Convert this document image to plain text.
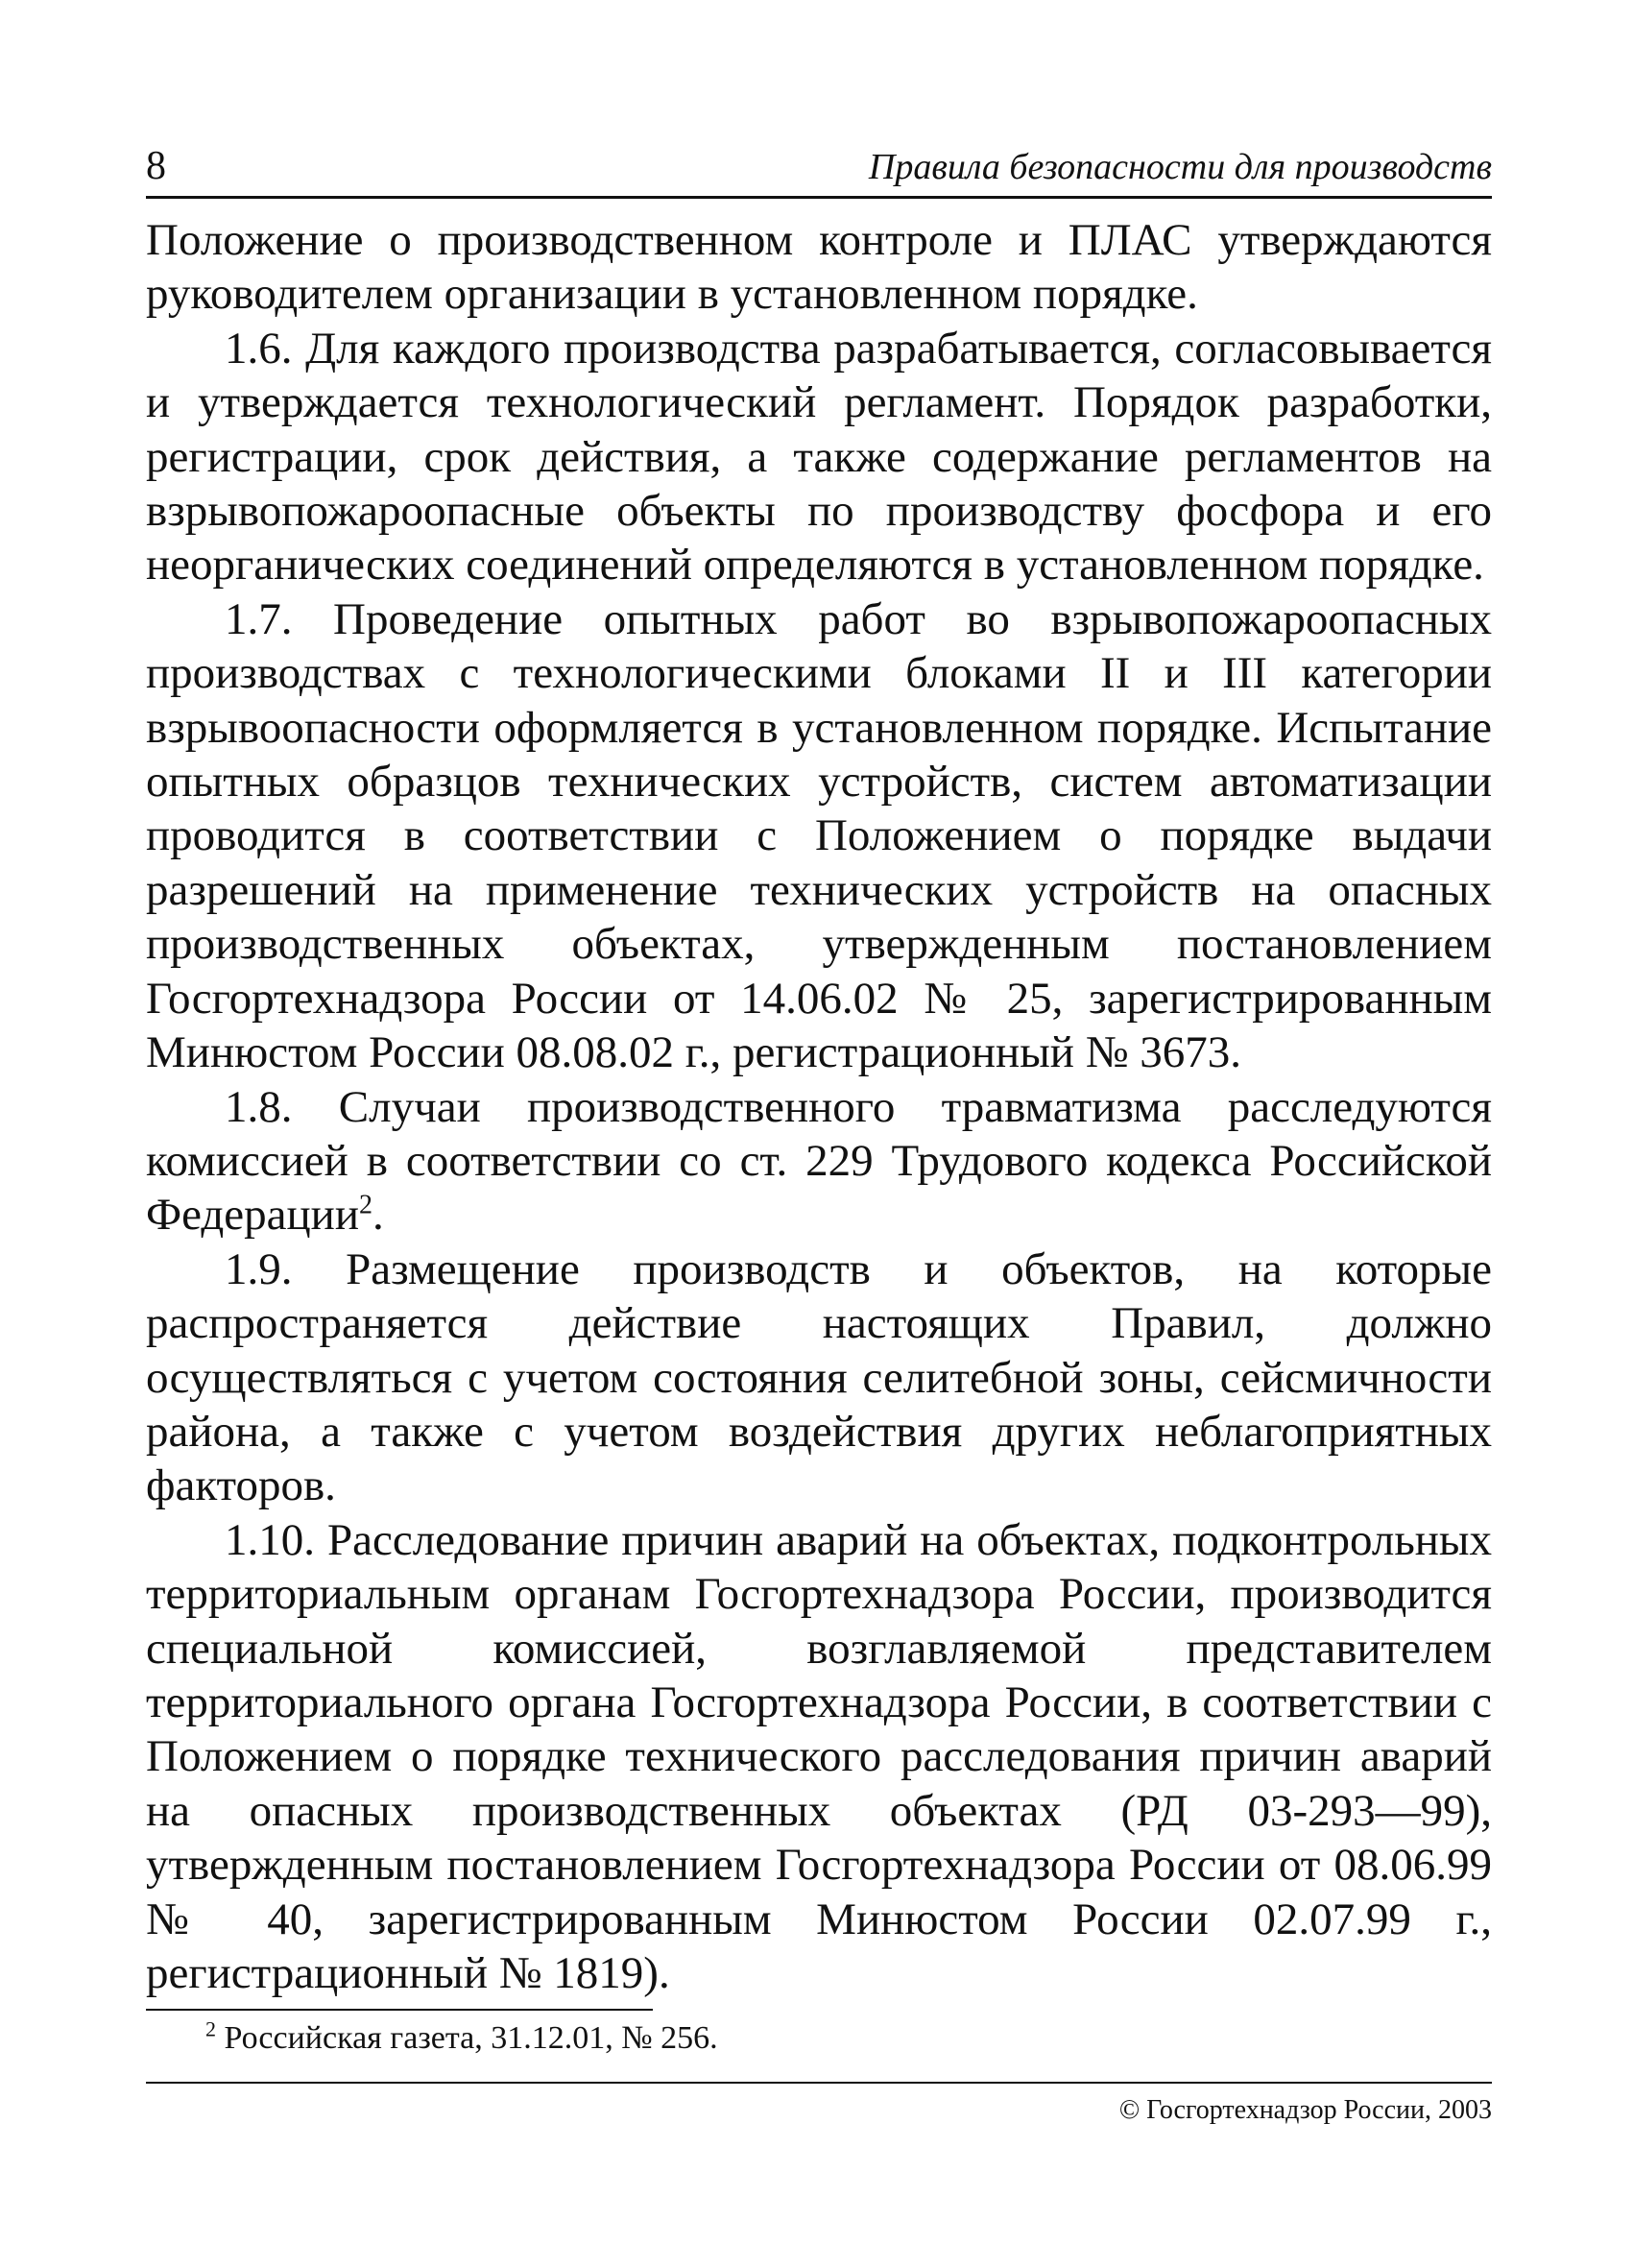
8	Правила безопасности для производств

Положение о производственном контроле и ПЛАС утверждаются руководителем организации в установленном порядке.

1.6. Для каждого производства разрабатывается, согласовывается и утверждается технологический регламент. Порядок разработки, регистрации, срок действия, а также содержание регламентов на взрывопожароопасные объекты по производству фосфора и его неорганических соединений определяются в установленном порядке.

1.7. Проведение опытных работ во взрывопожароопасных производствах с технологическими блоками II и III категории взрывоопасности оформляется в установленном порядке. Испытание опытных образцов технических устройств, систем автоматизации проводится в соответствии с Положением о порядке выдачи разрешений на применение технических устройств на опасных производственных объектах, утвержденным постановлением Госгортехнадзора России от 14.06.02 № 25, зарегистрированным Минюстом России 08.08.02 г., регистрационный № 3673.

1.8. Случаи производственного травматизма расследуются комиссией в соответствии со ст. 229 Трудового кодекса Российской Федерации$^2$.

1.9. Размещение производств и объектов, на которые распространяется действие настоящих Правил, должно осуществляться с учетом состояния селитебной зоны, сейсмичности района, а также с учетом воздействия других неблагоприятных факторов.

1.10. Расследование причин аварий на объектах, подконтрольных территориальным органам Госгортехнадзора России, производится специальной комиссией, возглавляемой представителем территориального органа Госгортехнадзора России, в соответствии с Положением о порядке технического расследования причин аварий на опасных производственных объектах (РД 03-293—99), утвержденным постановлением Госгортехнадзора России от 08.06.99 № 40, зарегистрированным Минюстом России 02.07.99 г., регистрационный № 1819).

$^2$ Российская газета, 31.12.01, № 256.
© Госгортехнадзор России, 2003
